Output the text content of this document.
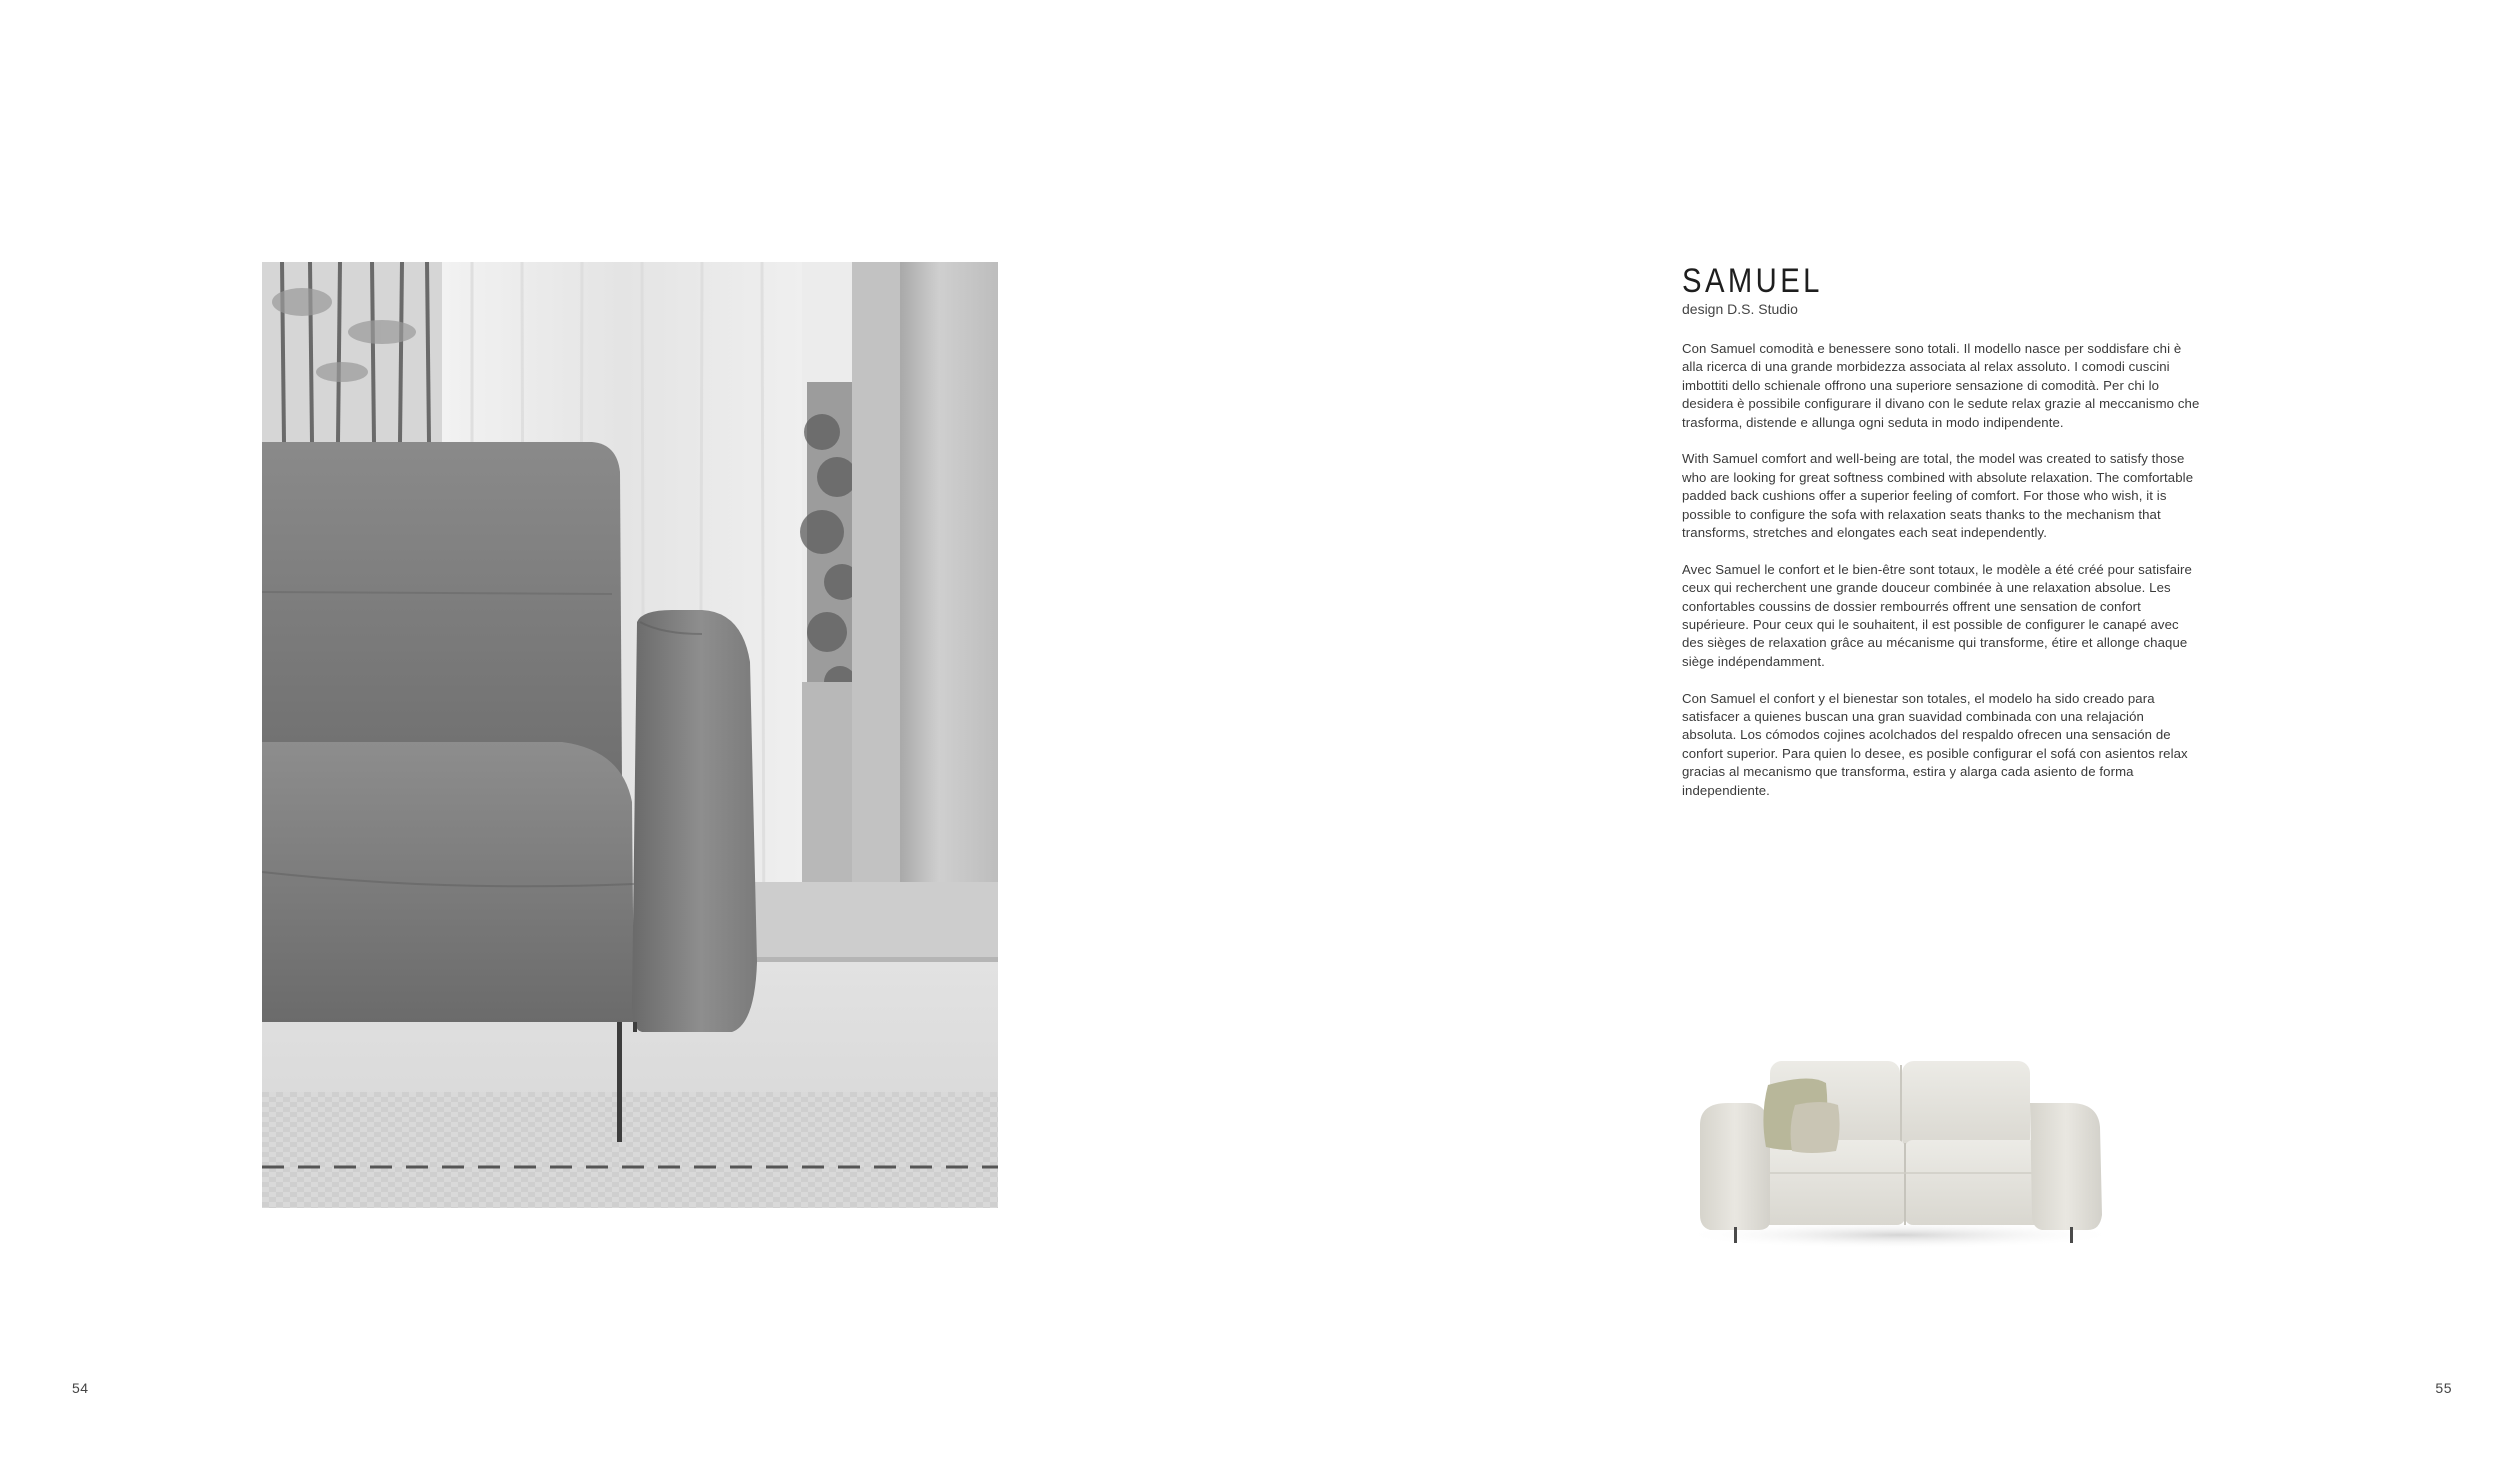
SAMUEL

design D.S. Studio

Con Samuel comodità e benessere sono totali. Il modello nasce per soddisfare chi è alla ricerca di una grande morbidezza associata al relax assoluto. I comodi cuscini imbottiti dello schienale offrono una superiore sensazione di comodità. Per chi lo desidera è possibile configurare il divano con le sedute relax grazie al meccanismo che trasforma, distende e allunga ogni seduta in modo indipendente.

With Samuel comfort and well-being are total, the model was created to satisfy those who are looking for great softness combined with absolute relaxation. The comfortable padded back cushions offer a superior feeling of comfort. For those who wish, it is possible to configure the sofa with relaxation seats thanks to the mechanism that transforms, stretches and elongates each seat independently.

Avec Samuel le confort et le bien-être sont totaux, le modèle a été créé pour satisfaire ceux qui recherchent une grande douceur combinée à une relaxation absolue. Les confortables coussins de dossier rembourrés offrent une sensation de confort supérieure. Pour ceux qui le souhaitent, il est possible de configurer le canapé avec des sièges de relaxation grâce au mécanisme qui transforme, étire et allonge chaque siège indépendamment.

Con Samuel el confort y el bienestar son totales, el modelo ha sido creado para satisfacer a quienes buscan una gran suavidad combinada con una relajación absoluta. Los cómodos cojines acolchados del respaldo ofrecen una sensación de confort superior. Para quien lo desee, es posible configurar el sofá con asientos relax gracias al mecanismo que transforma, estira y alarga cada asiento de forma independiente.

54	55
